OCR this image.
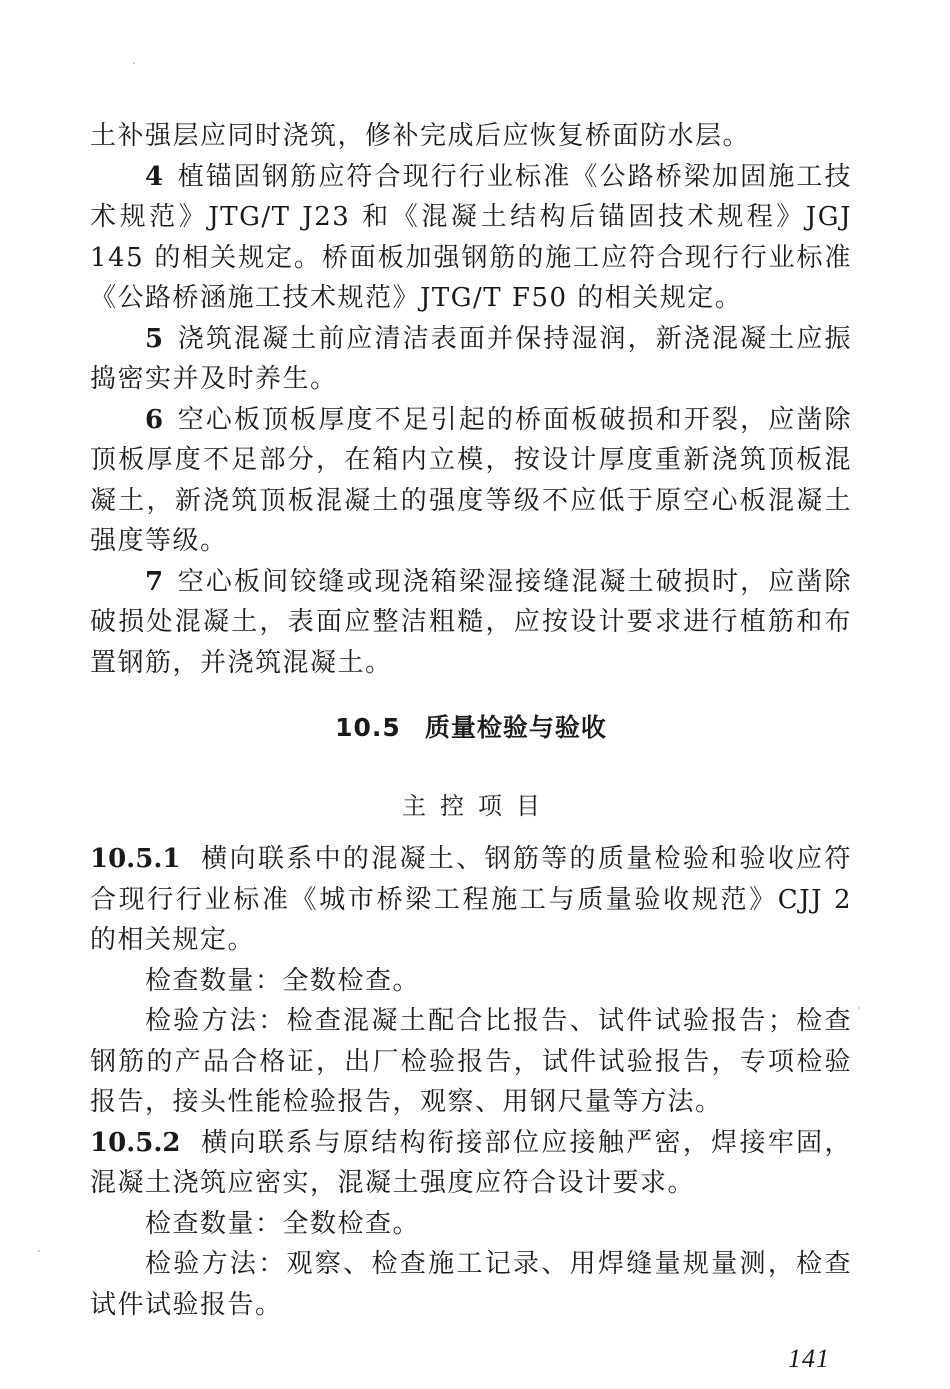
土补强层应同时浇筑，修补完成后应恢复桥面防水层。

4 植锚固钢筋应符合现行行业标准《公路桥梁加固施工技术规范》JTG/T J23 和《混凝土结构后锚固技术规程》JGJ 145 的相关规定。桥面板加强钢筋的施工应符合现行行业标准《公路桥涵施工技术规范》JTG/T F50 的相关规定。

5 浇筑混凝土前应清洁表面并保持湿润，新浇混凝土应振捣密实并及时养生。

6 空心板顶板厚度不足引起的桥面板破损和开裂，应凿除顶板厚度不足部分，在箱内立模，按设计厚度重新浇筑顶板混凝土，新浇筑顶板混凝土的强度等级不应低于原空心板混凝土强度等级。

7 空心板间铰缝或现浇箱梁湿接缝混凝土破损时，应凿除破损处混凝土，表面应整洁粗糙，应按设计要求进行植筋和布置钢筋，并浇筑混凝土。

10.5 质量检验与验收
主控项目

10.5.1 横向联系中的混凝土、钢筋等的质量检验和验收应符合现行行业标准《城市桥梁工程施工与质量验收规范》CJJ 2 的相关规定。

检查数量：全数检查。

检验方法：检查混凝土配合比报告、试件试验报告；检查钢筋的产品合格证，出厂检验报告，试件试验报告，专项检验报告，接头性能检验报告，观察、用钢尺量等方法。

10.5.2 横向联系与原结构衔接部位应接触严密，焊接牢固，混凝土浇筑应密实，混凝土强度应符合设计要求。

检查数量：全数检查。

检验方法：观察、检查施工记录、用焊缝量规量测，检查试件试验报告。

141
